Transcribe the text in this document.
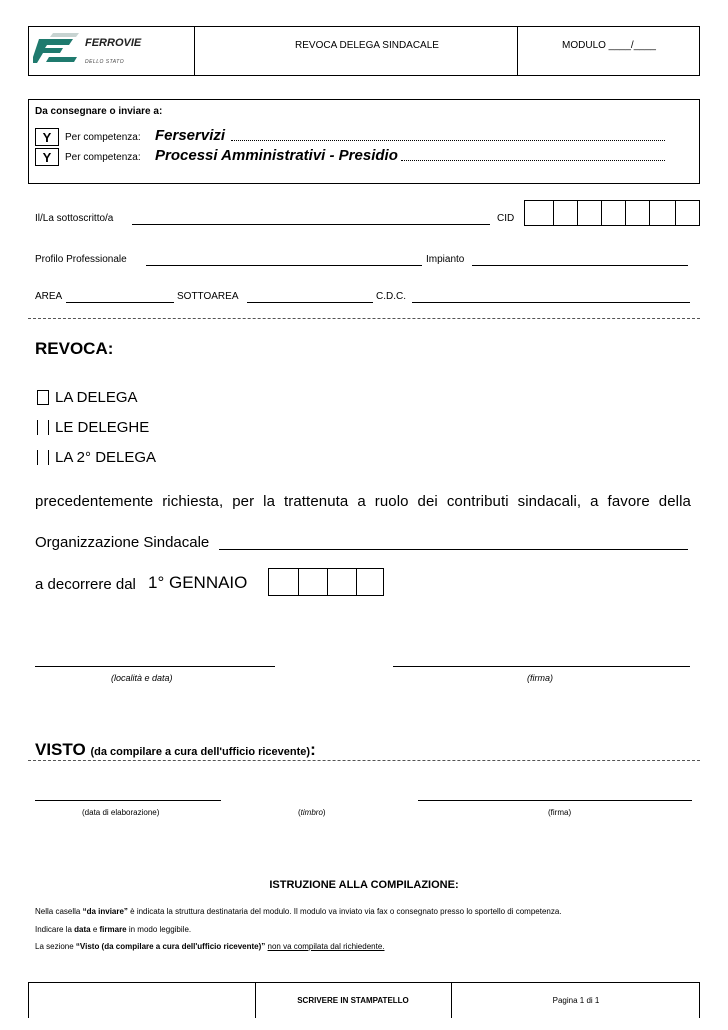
FERROVIE
DELLO STATO
REVOCA DELEGA SINDACALE	MODULO ____/____
Da consegnare o inviare a:
Y	Per competenza: Ferservizi
Y	Per competenza: Processi Amministrativi - Presidio
Il/La sottoscritto/a	CID
Profilo Professionale	Impianto
AREA	SOTTOAREA	C.D.C.
REVOCA:
LA DELEGA
LE DELEGHE
LA 2° DELEGA
precedentemente richiesta, per la trattenuta a ruolo dei contributi sindacali, a favore della
Organizzazione Sindacale
a decorrere dal 1° GENNAIO
(località e data)	(firma)
VISTO (da compilare a cura dell'ufficio ricevente):
(data di elaborazione)	(timbro)	(firma)
ISTRUZIONE ALLA COMPILAZIONE:
Nella casella “da inviare” è indicata la struttura destinataria del modulo. Il modulo va inviato via fax o consegnato presso lo sportello di competenza.
Indicare la data e firmare in modo leggibile.
La sezione “Visto (da compilare a cura dell'ufficio ricevente)” non va compilata dal richiedente.
SCRIVERE IN STAMPATELLO	Pagina 1 di 1
